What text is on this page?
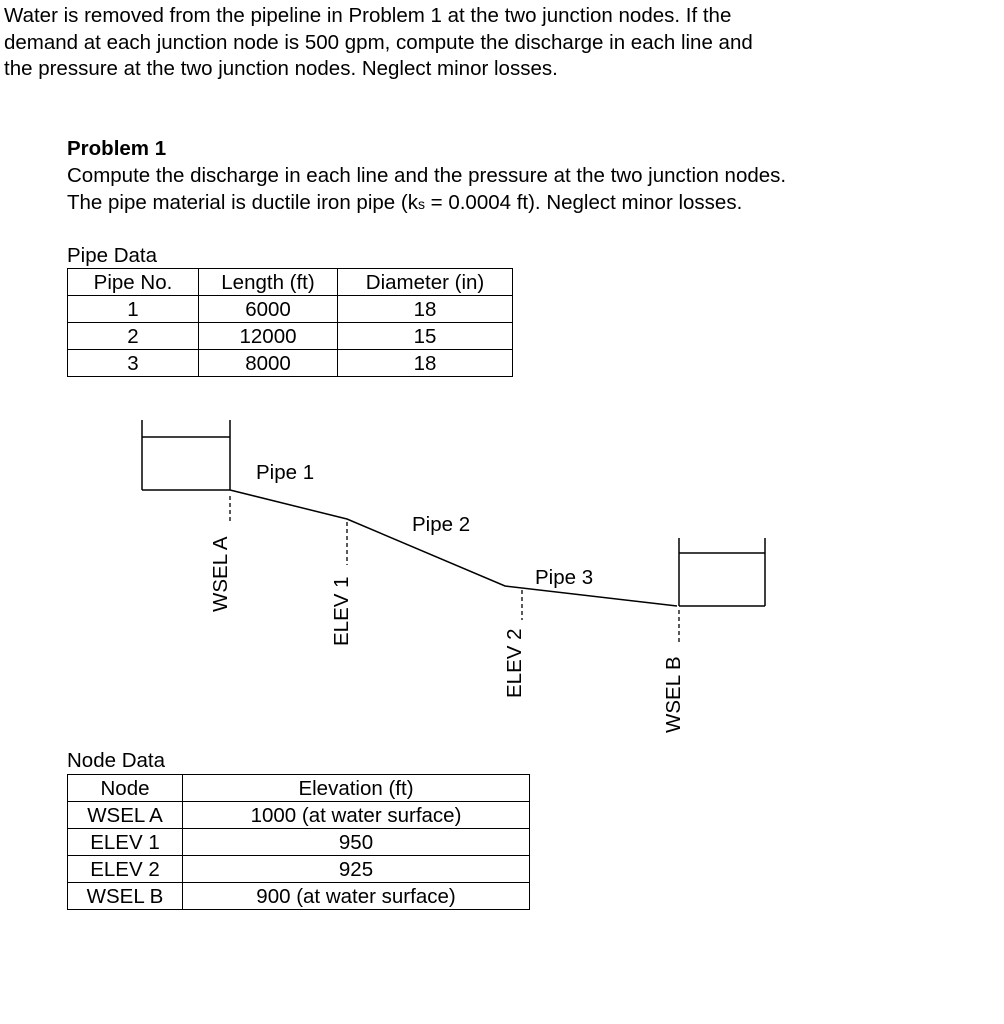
Water is removed from the pipeline in Problem 1 at the two junction nodes. If the
demand at each junction node is 500 gpm, compute the discharge in each line and
the pressure at the two junction nodes. Neglect minor losses.
Problem 1
Compute the discharge in each line and the pressure at the two junction nodes.
The pipe material is ductile iron pipe (ks = 0.0004 ft). Neglect minor losses.
Pipe Data
Pipe No.	Length (ft)	Diameter (in)
1	6000	18
2	12000	15
3	8000	18
Pipe 1
Pipe 2
Pipe 3
WSEL A	ELEV 1
ELEV 2	WSEL B
Node Data
Node	Elevation (ft)
WSEL A	1000 (at water surface)
ELEV 1	950
ELEV 2	925
WSEL B	900 (at water surface)
